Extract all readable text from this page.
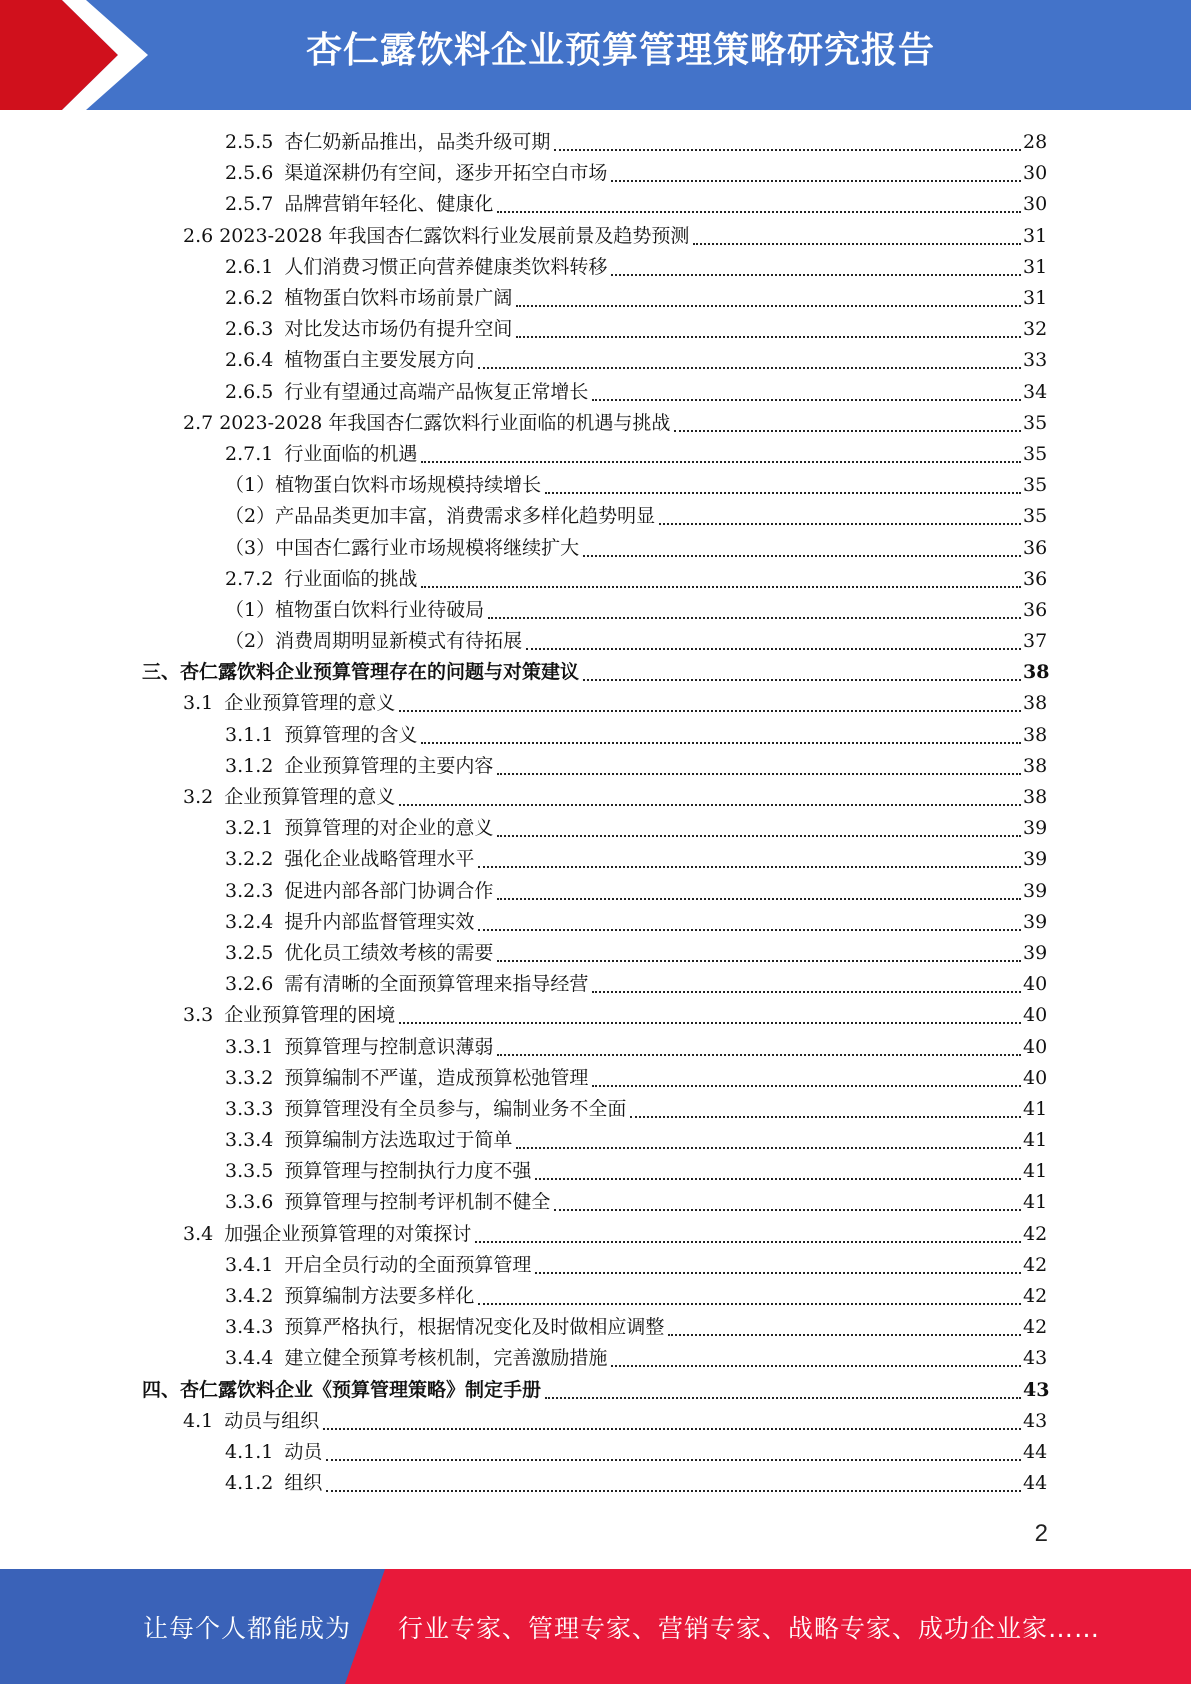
杏仁露饮料企业预算管理策略研究报告
2.5.5 杏仁奶新品推出，品类升级可期	28
2.5.6 渠道深耕仍有空间，逐步开拓空白市场	30
2.5.7 品牌营销年轻化、健康化	30
2.6 2023-2028 年我国杏仁露饮料行业发展前景及趋势预测	31
2.6.1 人们消费习惯正向营养健康类饮料转移	31
2.6.2 植物蛋白饮料市场前景广阔	31
2.6.3 对比发达市场仍有提升空间	32
2.6.4 植物蛋白主要发展方向	33
2.6.5 行业有望通过高端产品恢复正常增长	34
2.7 2023-2028 年我国杏仁露饮料行业面临的机遇与挑战	35
2.7.1 行业面临的机遇	35
（1）植物蛋白饮料市场规模持续增长	35
（2）产品品类更加丰富，消费需求多样化趋势明显	35
（3）中国杏仁露行业市场规模将继续扩大	36
2.7.2 行业面临的挑战	36
（1）植物蛋白饮料行业待破局	36
（2）消费周期明显新模式有待拓展	37
三、杏仁露饮料企业预算管理存在的问题与对策建议	38
3.1 企业预算管理的意义	38
3.1.1 预算管理的含义	38
3.1.2 企业预算管理的主要内容	38
3.2 企业预算管理的意义	38
3.2.1 预算管理的对企业的意义	39
3.2.2 强化企业战略管理水平	39
3.2.3 促进内部各部门协调合作	39
3.2.4 提升内部监督管理实效	39
3.2.5 优化员工绩效考核的需要	39
3.2.6 需有清晰的全面预算管理来指导经营	40
3.3 企业预算管理的困境	40
3.3.1 预算管理与控制意识薄弱	40
3.3.2 预算编制不严谨，造成预算松弛管理	40
3.3.3 预算管理没有全员参与，编制业务不全面	41
3.3.4 预算编制方法选取过于简单	41
3.3.5 预算管理与控制执行力度不强	41
3.3.6 预算管理与控制考评机制不健全	41
3.4 加强企业预算管理的对策探讨	42
3.4.1 开启全员行动的全面预算管理	42
3.4.2 预算编制方法要多样化	42
3.4.3 预算严格执行，根据情况变化及时做相应调整	42
3.4.4 建立健全预算考核机制，完善激励措施	43
四、杏仁露饮料企业《预算管理策略》制定手册	43
4.1 动员与组织	43
4.1.1 动员	44
4.1.2 组织	44
2
让每个人都能成为 行业专家、管理专家、营销专家、战略专家、成功企业家……
